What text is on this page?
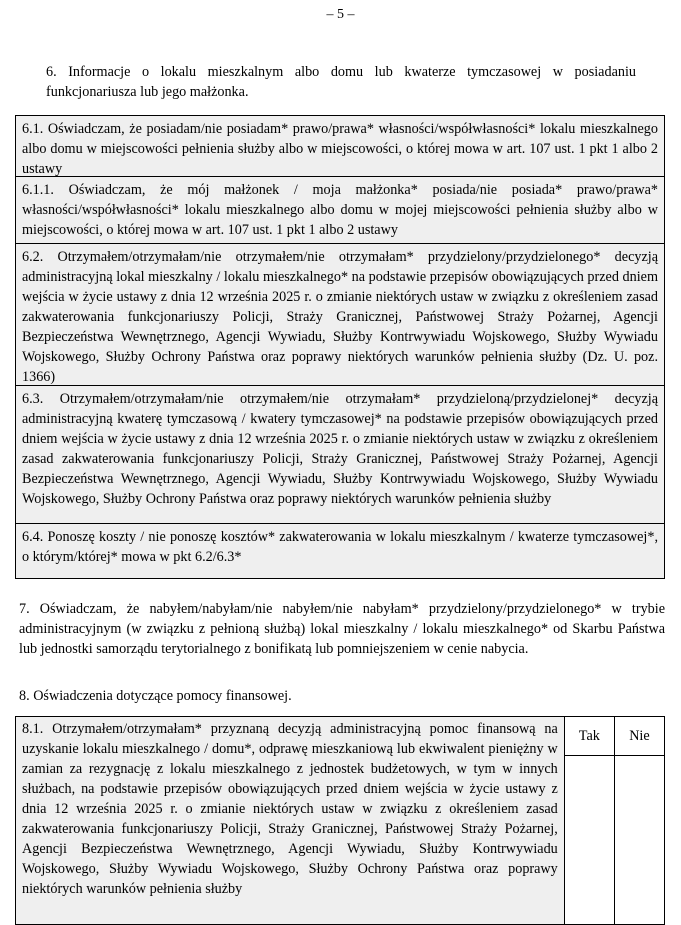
– 5 –
6. Informacje o lokalu mieszkalnym albo domu lub kwaterze tymczasowej w posiadaniu funkcjonariusza lub jego małżonka.
6.1. Oświadczam, że posiadam/nie posiadam* prawo/prawa* własności/współwłasności* lokalu mieszkalnego albo domu w miejscowości pełnienia służby albo w miejscowości, o której mowa w art. 107 ust. 1 pkt 1 albo 2 ustawy
6.1.1. Oświadczam, że mój małżonek / moja małżonka* posiada/nie posiada* prawo/prawa* własności/współwłasności* lokalu mieszkalnego albo domu w mojej miejscowości pełnienia służby albo w miejscowości, o której mowa w art. 107 ust. 1 pkt 1 albo 2 ustawy
6.2. Otrzymałem/otrzymałam/nie otrzymałem/nie otrzymałam* przydzielony/przydzielonego* decyzją administracyjną lokal mieszkalny / lokalu mieszkalnego* na podstawie przepisów obowiązujących przed dniem wejścia w życie ustawy z dnia 12 września 2025 r. o zmianie niektórych ustaw w związku z określeniem zasad zakwaterowania funkcjonariuszy Policji, Straży Granicznej, Państwowej Straży Pożarnej, Agencji Bezpieczeństwa Wewnętrznego, Agencji Wywiadu, Służby Kontrwywiadu Wojskowego, Służby Wywiadu Wojskowego, Służby Ochrony Państwa oraz poprawy niektórych warunków pełnienia służby (Dz. U. poz. 1366)
6.3. Otrzymałem/otrzymałam/nie otrzymałem/nie otrzymałam* przydzieloną/przydzielonej* decyzją administracyjną kwaterę tymczasową / kwatery tymczasowej* na podstawie przepisów obowiązujących przed dniem wejścia w życie ustawy z dnia 12 września 2025 r. o zmianie niektórych ustaw w związku z określeniem zasad zakwaterowania funkcjonariuszy Policji, Straży Granicznej, Państwowej Straży Pożarnej, Agencji Bezpieczeństwa Wewnętrznego, Agencji Wywiadu, Służby Kontrwywiadu Wojskowego, Służby Wywiadu Wojskowego, Służby Ochrony Państwa oraz poprawy niektórych warunków pełnienia służby
6.4. Ponoszę koszty / nie ponoszę kosztów* zakwaterowania w lokalu mieszkalnym / kwaterze tymczasowej*, o którym/której* mowa w pkt 6.2/6.3*
7. Oświadczam, że nabyłem/nabyłam/nie nabyłem/nie nabyłam* przydzielony/przydzielonego* w trybie administracyjnym (w związku z pełnioną służbą) lokal mieszkalny / lokalu mieszkalnego* od Skarbu Państwa lub jednostki samorządu terytorialnego z bonifikatą lub pomniejszeniem w cenie nabycia.
8. Oświadczenia dotyczące pomocy finansowej.
8.1. Otrzymałem/otrzymałam* przyznaną decyzją administracyjną pomoc finansową na uzyskanie lokalu mieszkalnego / domu*, odprawę mieszkaniową lub ekwiwalent pieniężny w zamian za rezygnację z lokalu mieszkalnego z jednostek budżetowych, w tym w innych służbach, na podstawie przepisów obowiązujących przed dniem wejścia w życie ustawy z dnia 12 września 2025 r. o zmianie niektórych ustaw w związku z określeniem zasad zakwaterowania funkcjonariuszy Policji, Straży Granicznej, Państwowej Straży Pożarnej, Agencji Bezpieczeństwa Wewnętrznego, Agencji Wywiadu, Służby Kontrwywiadu Wojskowego, Służby Wywiadu Wojskowego, Służby Ochrony Państwa oraz poprawy niektórych warunków pełnienia służby	Tak	Nie
